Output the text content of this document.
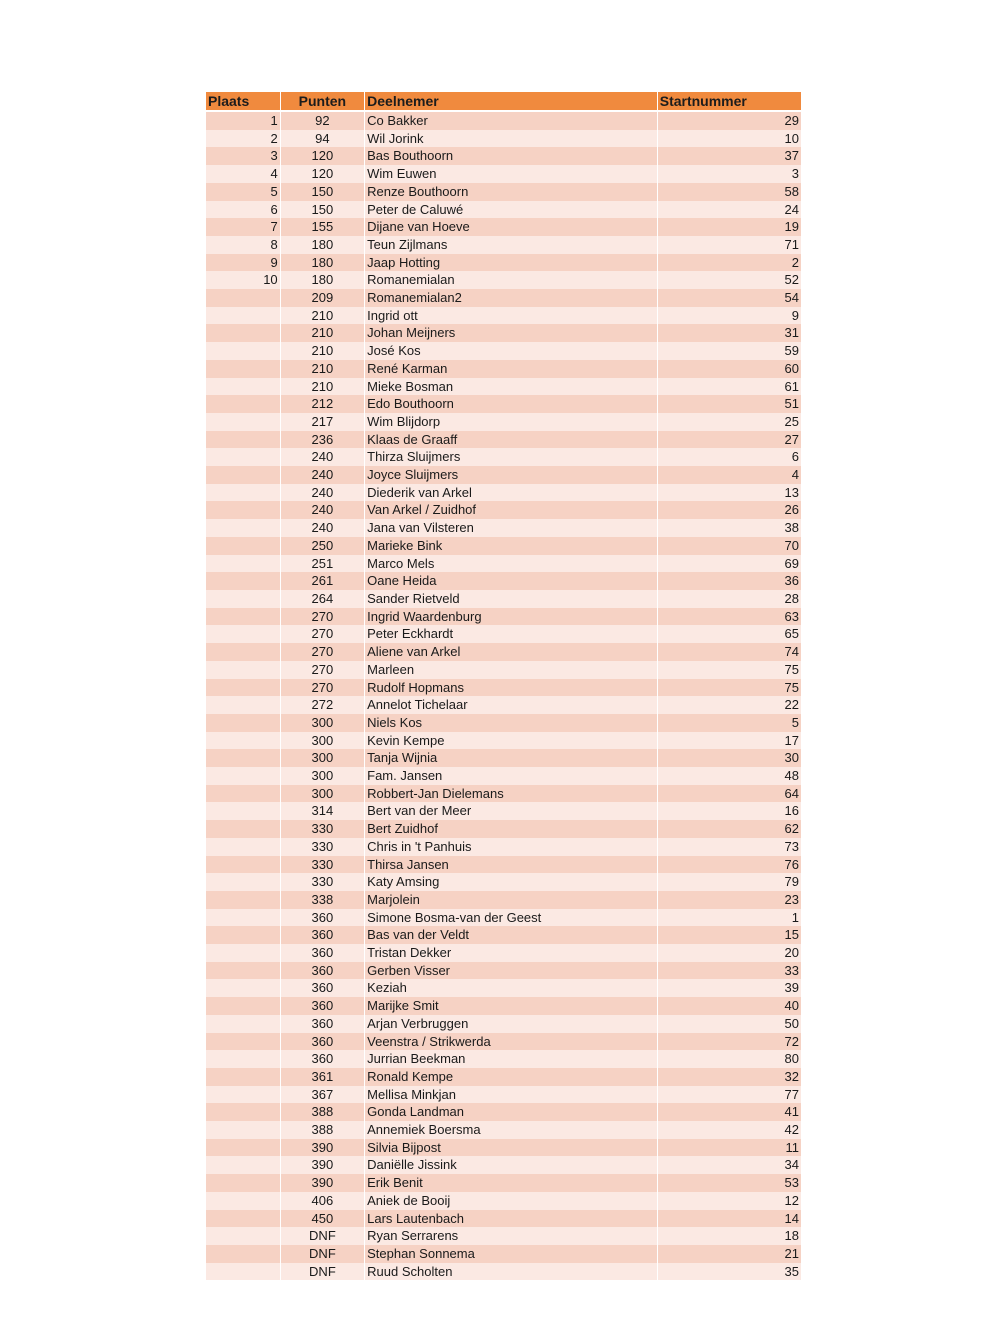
Plaats	Punten	Deelnemer	Startnummer

1	92	Co Bakker	29
2	94	Wil Jorink	10
3	120	Bas Bouthoorn	37
4	120	Wim Euwen	3
5	150	Renze Bouthoorn	58
6	150	Peter de Caluwé	24
7	155	Dijane van Hoeve	19
8	180	Teun Zijlmans	71
9	180	Jaap Hotting	2
10	180	Romanemialan	52
	209	Romanemialan2	54
	210	Ingrid ott	9
	210	Johan Meijners	31
	210	José Kos	59
	210	René Karman	60
	210	Mieke Bosman	61
	212	Edo Bouthoorn	51
	217	Wim Blijdorp	25
	236	Klaas de Graaff	27
	240	Thirza Sluijmers	6
	240	Joyce Sluijmers	4
	240	Diederik van Arkel	13
	240	Van Arkel / Zuidhof	26
	240	Jana van Vilsteren	38
	250	Marieke Bink	70
	251	Marco Mels	69
	261	Oane Heida	36
	264	Sander Rietveld	28
	270	Ingrid Waardenburg	63
	270	Peter Eckhardt	65
	270	Aliene van Arkel	74
	270	Marleen	75
	270	Rudolf Hopmans	75
	272	Annelot Tichelaar	22
	300	Niels Kos	5
	300	Kevin Kempe	17
	300	Tanja Wijnia	30
	300	Fam. Jansen	48
	300	Robbert-Jan Dielemans	64
	314	Bert van der Meer	16
	330	Bert Zuidhof	62
	330	Chris in 't Panhuis	73
	330	Thirsa Jansen	76
	330	Katy Amsing	79
	338	Marjolein	23
	360	Simone Bosma-van der Geest	1
	360	Bas van der Veldt	15
	360	Tristan Dekker	20
	360	Gerben Visser	33
	360	Keziah	39
	360	Marijke Smit	40
	360	Arjan Verbruggen	50
	360	Veenstra / Strikwerda	72
	360	Jurrian Beekman	80
	361	Ronald Kempe	32
	367	Mellisa Minkjan	77
	388	Gonda Landman	41
	388	Annemiek Boersma	42
	390	Silvia Bijpost	11
	390	Daniëlle Jissink	34
	390	Erik Benit	53
	406	Aniek de Booij	12
	450	Lars Lautenbach	14
	DNF	Ryan Serrarens	18
	DNF	Stephan Sonnema	21
	DNF	Ruud Scholten	35
